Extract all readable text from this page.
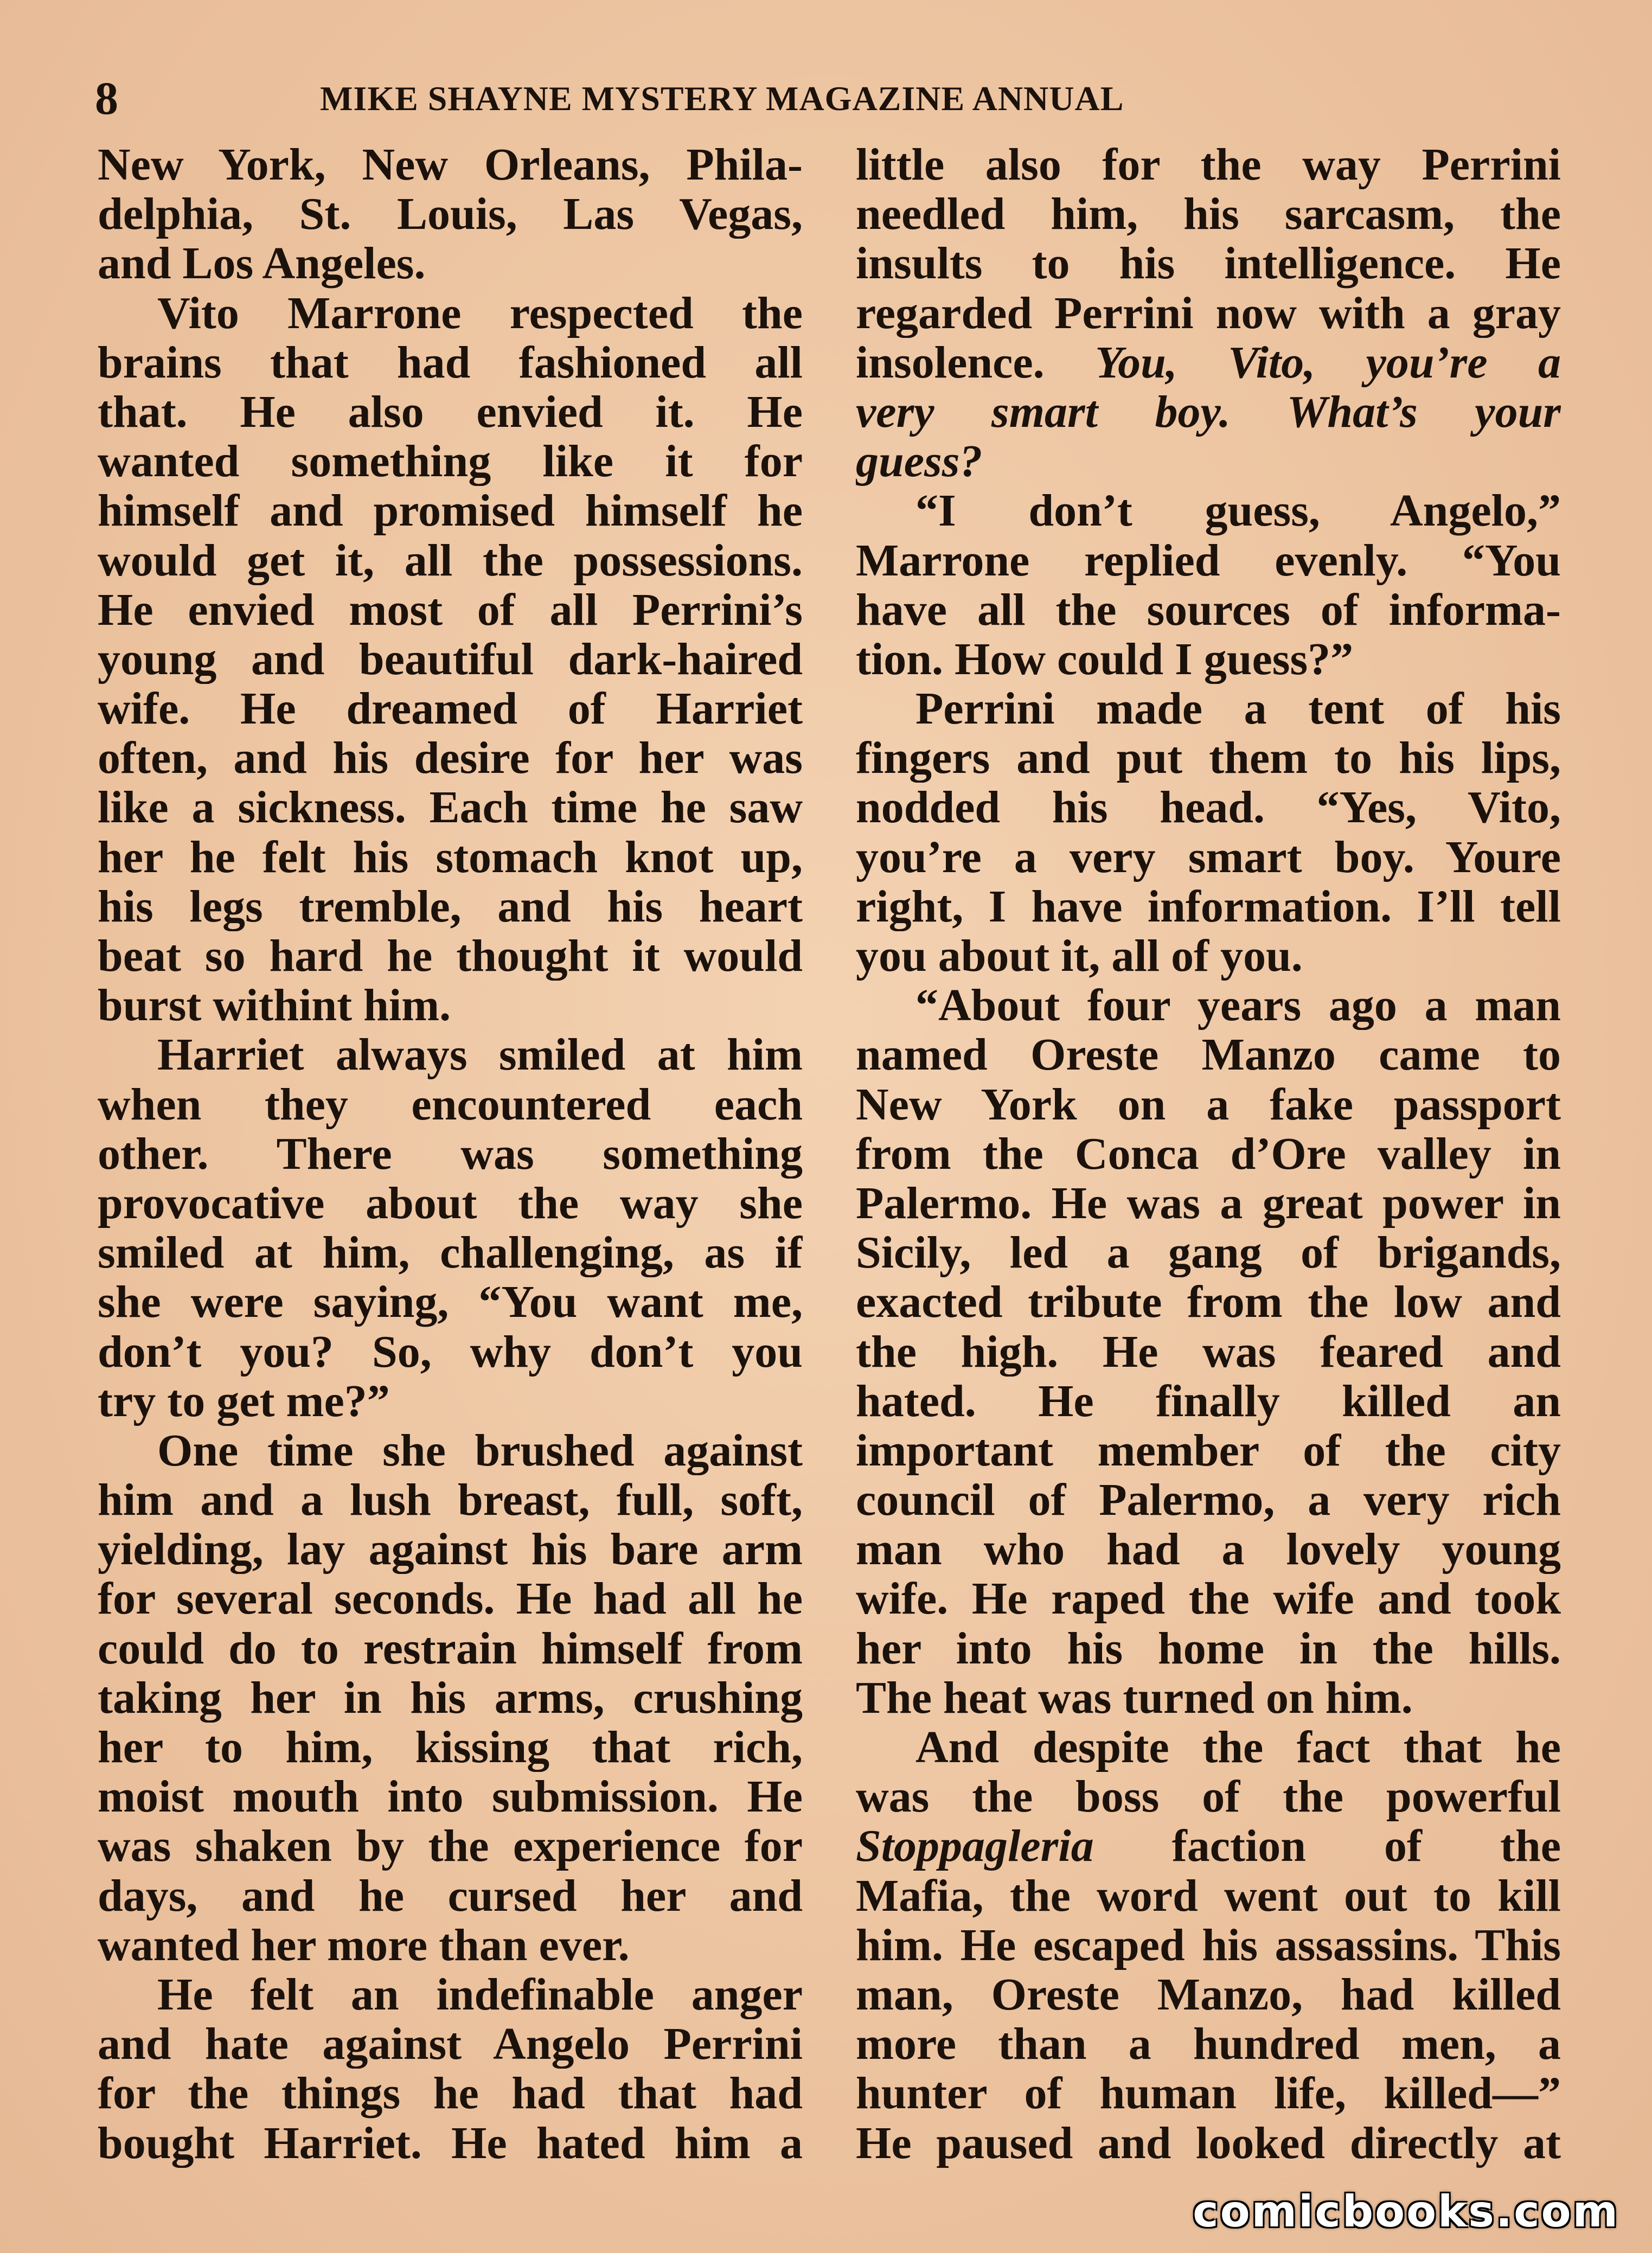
8	MIKE SHAYNE MYSTERY MAGAZINE ANNUAL
New York, New Orleans, Phila-
delphia, St. Louis, Las Vegas,
and Los Angeles.
Vito Marrone respected the
brains that had fashioned all
that. He also envied it. He
wanted something like it for
himself and promised himself he
would get it, all the possessions.
He envied most of all Perrini’s
young and beautiful dark-haired
wife. He dreamed of Harriet
often, and his desire for her was
like a sickness. Each time he saw
her he felt his stomach knot up,
his legs tremble, and his heart
beat so hard he thought it would
burst withint him.
Harriet always smiled at him
when they encountered each
other. There was something
provocative about the way she
smiled at him, challenging, as if
she were saying, “You want me,
don’t you? So, why don’t you
try to get me?”
One time she brushed against
him and a lush breast, full, soft,
yielding, lay against his bare arm
for several seconds. He had all he
could do to restrain himself from
taking her in his arms, crushing
her to him, kissing that rich,
moist mouth into submission. He
was shaken by the experience for
days, and he cursed her and
wanted her more than ever.
He felt an indefinable anger
and hate against Angelo Perrini
for the things he had that had
bought Harriet. He hated him a
little also for the way Perrini
needled him, his sarcasm, the
insults to his intelligence. He
regarded Perrini now with a gray
insolence. You, Vito, you’re a
very smart boy. What’s your
guess?
“I don’t guess, Angelo,”
Marrone replied evenly. “You
have all the sources of informa-
tion. How could I guess?”
Perrini made a tent of his
fingers and put them to his lips,
nodded his head. “Yes, Vito,
you’re a very smart boy. Youre
right, I have information. I’ll tell
you about it, all of you.
“About four years ago a man
named Oreste Manzo came to
New York on a fake passport
from the Conca d’Ore valley in
Palermo. He was a great power in
Sicily, led a gang of brigands,
exacted tribute from the low and
the high. He was feared and
hated. He finally killed an
important member of the city
council of Palermo, a very rich
man who had a lovely young
wife. He raped the wife and took
her into his home in the hills.
The heat was turned on him.
And despite the fact that he
was the boss of the powerful
Stoppagleria faction of the
Mafia, the word went out to kill
him. He escaped his assassins. This
man, Oreste Manzo, had killed
more than a hundred men, a
hunter of human life, killed—”
He paused and looked directly at
comicbooks.com
